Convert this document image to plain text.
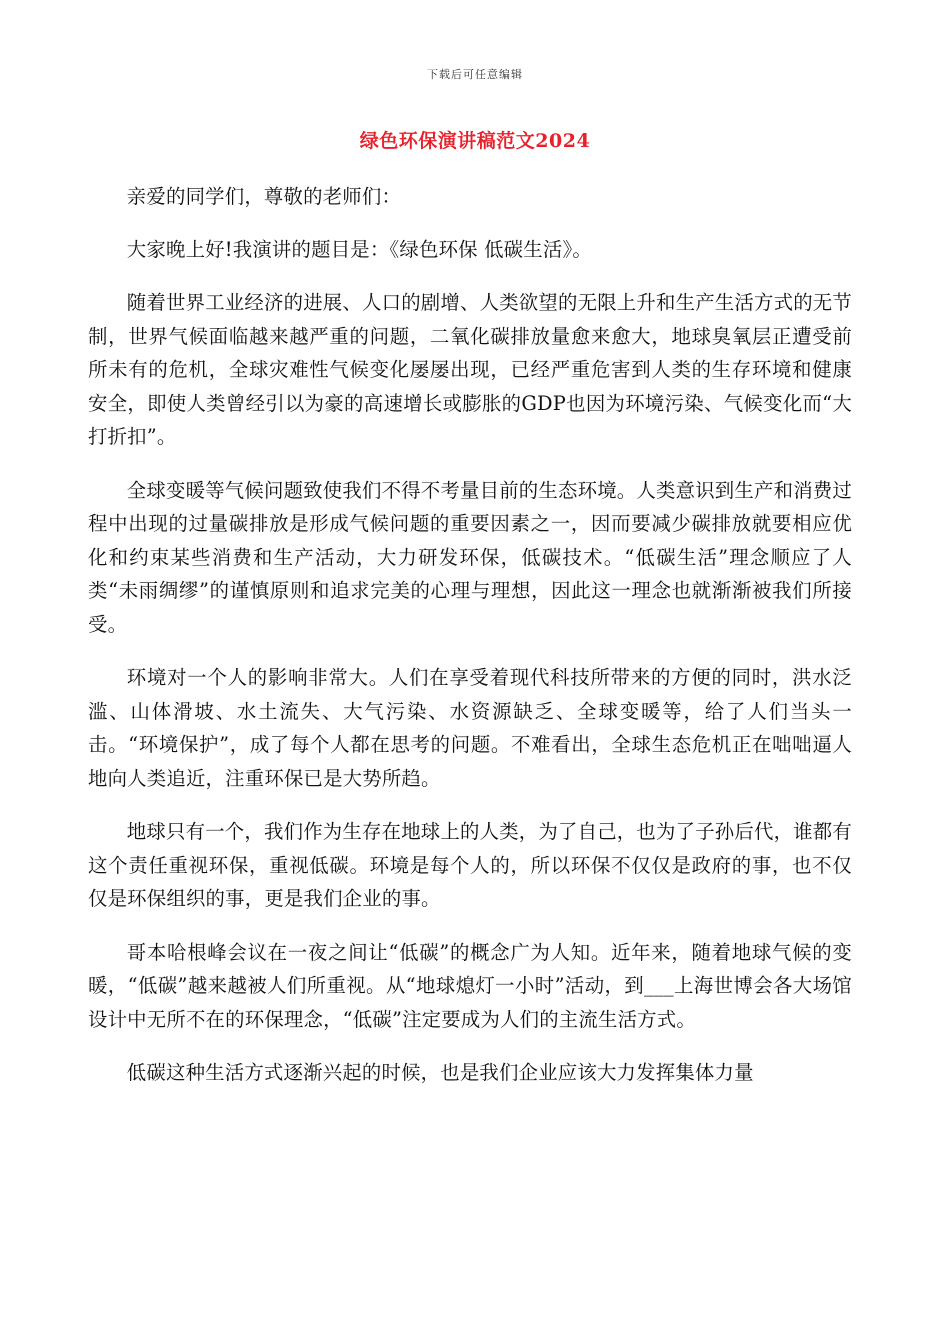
下载后可任意编辑
绿色环保演讲稿范文2024

亲爱的同学们，尊敬的老师们：

大家晚上好!我演讲的题目是：《绿色环保 低碳生活》。

随着世界工业经济的进展、人口的剧增、人类欲望的无限上升和生产生活方式的无节制，世界气候面临越来越严重的问题，二氧化碳排放量愈来愈大，地球臭氧层正遭受前所未有的危机，全球灾难性气候变化屡屡出现，已经严重危害到人类的生存环境和健康安全，即使人类曾经引以为豪的高速增长或膨胀的GDP也因为环境污染、气候变化而“大打折扣”。

全球变暖等气候问题致使我们不得不考量目前的生态环境。人类意识到生产和消费过程中出现的过量碳排放是形成气候问题的重要因素之一，因而要减少碳排放就要相应优化和约束某些消费和生产活动，大力研发环保，低碳技术。“低碳生活”理念顺应了人类“未雨绸缪”的谨慎原则和追求完美的心理与理想，因此这一理念也就渐渐被我们所接受。

环境对一个人的影响非常大。人们在享受着现代科技所带来的方便的同时，洪水泛滥、山体滑坡、水土流失、大气污染、水资源缺乏、全球变暖等，给了人们当头一击。“环境保护”，成了每个人都在思考的问题。不难看出，全球生态危机正在咄咄逼人地向人类追近，注重环保已是大势所趋。

地球只有一个，我们作为生存在地球上的人类，为了自己，也为了子孙后代，谁都有这个责任重视环保，重视低碳。环境是每个人的，所以环保不仅仅是政府的事，也不仅仅是环保组织的事，更是我们企业的事。

哥本哈根峰会议在一夜之间让“低碳”的概念广为人知。近年来，随着地球气候的变暖，“低碳”越来越被人们所重视。从“地球熄灯一小时”活动，到___上海世博会各大场馆设计中无所不在的环保理念，“低碳”注定要成为人们的主流生活方式。

低碳这种生活方式逐渐兴起的时候，也是我们企业应该大力发挥集体力量
